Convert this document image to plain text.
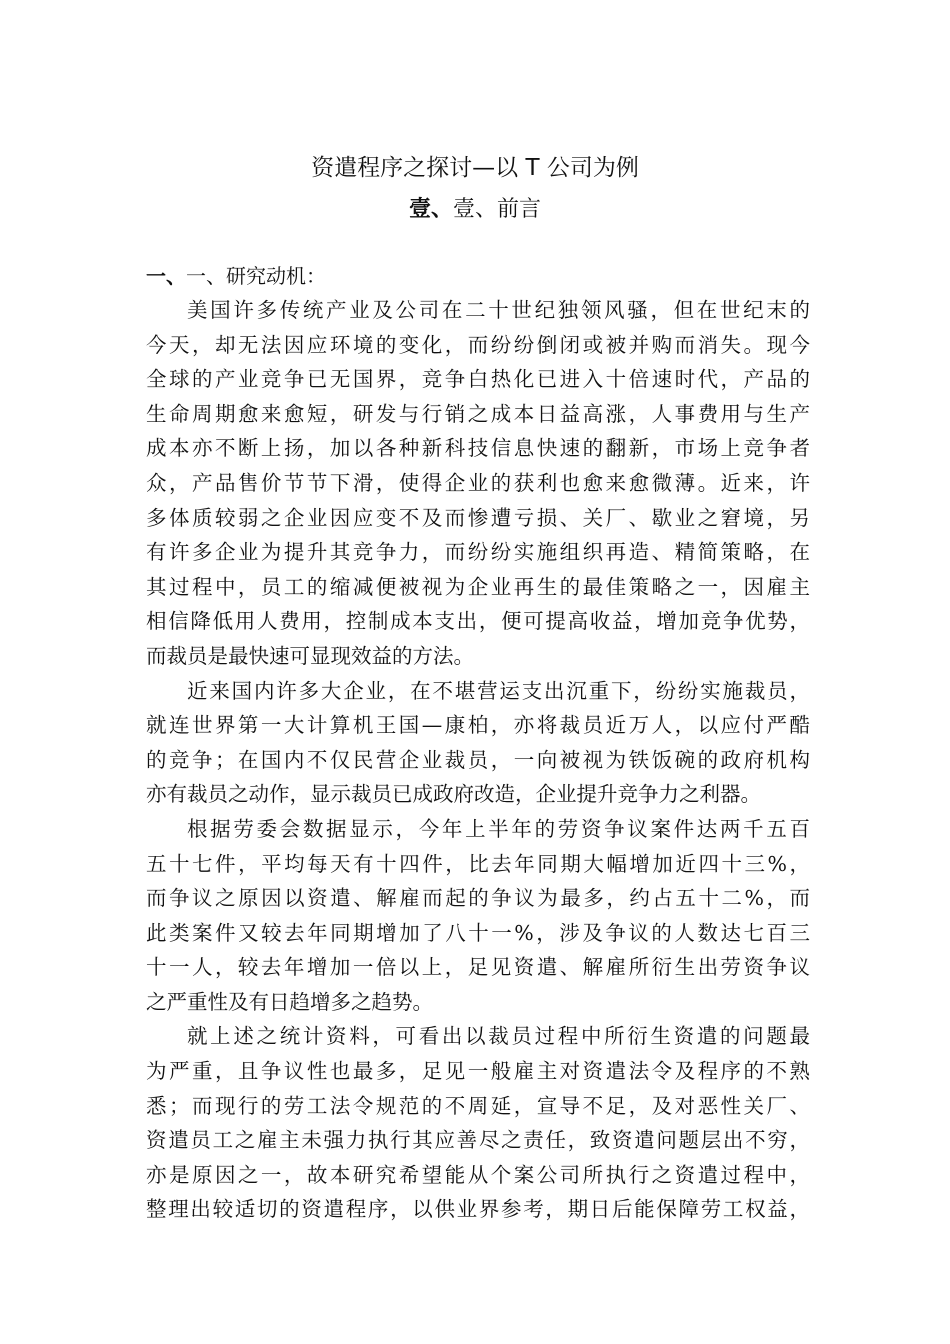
资遣程序之探讨—以 T 公司为例
壹、壹、前言
一、一、研究动机：
美国许多传统产业及公司在二十世纪独领风骚，但在世纪末的
今天，却无法因应环境的变化，而纷纷倒闭或被并购而消失。现今
全球的产业竞争已无国界，竞争白热化已进入十倍速时代，产品的
生命周期愈来愈短，研发与行销之成本日益高涨，人事费用与生产
成本亦不断上扬，加以各种新科技信息快速的翻新，市场上竞争者
众，产品售价节节下滑，使得企业的获利也愈来愈微薄。近来，许
多体质较弱之企业因应变不及而惨遭亏损、关厂、歇业之窘境，另
有许多企业为提升其竞争力，而纷纷实施组织再造、精简策略，在
其过程中，员工的缩减便被视为企业再生的最佳策略之一，因雇主
相信降低用人费用，控制成本支出，便可提高收益，增加竞争优势，
而裁员是最快速可显现效益的方法。
近来国内许多大企业，在不堪营运支出沉重下，纷纷实施裁员，
就连世界第一大计算机王国—康柏，亦将裁员近万人，以应付严酷
的竞争；在国内不仅民营企业裁员，一向被视为铁饭碗的政府机构
亦有裁员之动作，显示裁员已成政府改造，企业提升竞争力之利器。
根据劳委会数据显示，今年上半年的劳资争议案件达两千五百
五十七件，平均每天有十四件，比去年同期大幅增加近四十三%，
而争议之原因以资遣、解雇而起的争议为最多，约占五十二%，而
此类案件又较去年同期增加了八十一%，涉及争议的人数达七百三
十一人，较去年增加一倍以上，足见资遣、解雇所衍生出劳资争议
之严重性及有日趋增多之趋势。
就上述之统计资料，可看出以裁员过程中所衍生资遣的问题最
为严重，且争议性也最多，足见一般雇主对资遣法令及程序的不熟
悉；而现行的劳工法令规范的不周延，宣导不足，及对恶性关厂、
资遣员工之雇主未强力执行其应善尽之责任，致资遣问题层出不穷，
亦是原因之一，故本研究希望能从个案公司所执行之资遣过程中，
整理出较适切的资遣程序，以供业界参考，期日后能保障劳工权益，
